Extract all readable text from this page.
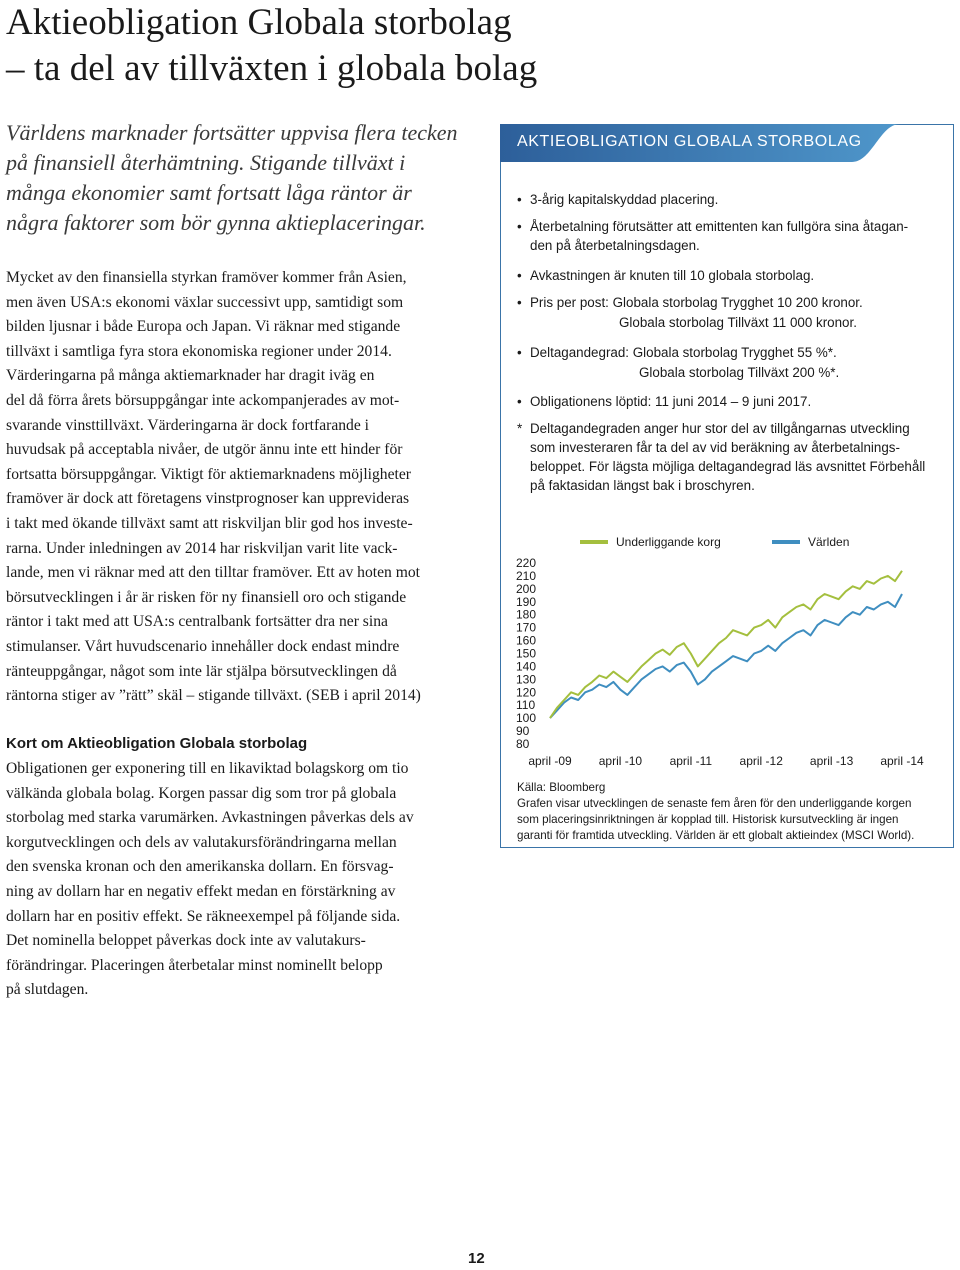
Aktieobligation Globala storbolag
– ta del av tillväxten i globala bolag
Världens marknader fortsätter uppvisa flera tecken
på finansiell återhämtning. Stigande tillväxt i
många ekonomier samt fortsatt låga räntor är
några faktorer som bör gynna aktieplaceringar.
Mycket av den finansiella styrkan framöver kommer från Asien,
men även USA:s ekonomi växlar successivt upp, samtidigt som
bilden ljusnar i både Europa och Japan. Vi räknar med stigande
tillväxt i samtliga fyra stora ekonomiska regioner under 2014.
Värderingarna på många aktiemarknader har dragit iväg en
del då förra årets börsuppgångar inte ackompanjerades av mot-
svarande vinsttillväxt. Värderingarna är dock fortfarande i
huvudsak på acceptabla nivåer, de utgör ännu inte ett hinder för
fortsatta börsuppgångar. Viktigt för aktiemarknadens möjligheter
framöver är dock att företagens vinstprognoser kan upprevideras
i takt med ökande tillväxt samt att riskviljan blir god hos investe-
rarna. Under inledningen av 2014 har riskviljan varit lite vack-
lande, men vi räknar med att den tilltar framöver. Ett av hoten mot
börsutvecklingen i år är risken för ny finansiell oro och stigande
räntor i takt med att USA:s centralbank fortsätter dra ner sina
stimulanser. Vårt huvudscenario innehåller dock endast mindre
ränteuppgångar, något som inte lär stjälpa börsutvecklingen då
räntorna stiger av ”rätt” skäl – stigande tillväxt. (SEB i april 2014)
Kort om Aktieobligation Globala storbolag
Obligationen ger exponering till en likaviktad bolagskorg om tio
välkända globala bolag. Korgen passar dig som tror på globala
storbolag med starka varumärken. Avkastningen påverkas dels av
korgutvecklingen och dels av valutakursförändringarna mellan
den svenska kronan och den amerikanska dollarn. En försvag-
ning av dollarn har en negativ effekt medan en förstärkning av
dollarn har en positiv effekt. Se räkneexempel på följande sida.
Det nominella beloppet påverkas dock inte av valutakurs-
förändringar. Placeringen återbetalar minst nominellt belopp
på slutdagen.
AKTIEOBLIGATION GLOBALA STORBOLAG
• 3-årig kapitalskyddad placering.
• Återbetalning förutsätter att emittenten kan fullgöra sina åtagan-
den på återbetalningsdagen.
• Avkastningen är knuten till 10 globala storbolag.
• Pris per post: Globala storbolag Trygghet 10 200 kronor.
Globala storbolag Tillväxt 11 000 kronor.
• Deltagandegrad: Globala storbolag Trygghet 55 %*.
Globala storbolag Tillväxt 200 %*.
• Obligationens löptid: 11 juni 2014 – 9 juni 2017.
* Deltagandegraden anger hur stor del av tillgångarnas utveckling
som investeraren får ta del av vid beräkning av återbetalnings-
beloppet. För lägsta möjliga deltagandegrad läs avsnittet Förbehåll
på faktasidan längst bak i broschyren.
Underliggande korg	Världen
220
210
200
190
180
170
160
150
140
130
120
110
100
90
80
april -09 april -10 april -11 april -12 april -13 april -14
Källa: Bloomberg
Grafen visar utvecklingen de senaste fem åren för den underliggande korgen
som placeringsinriktningen är kopplad till. Historisk kursutveckling är ingen
garanti för framtida utveckling. Världen är ett globalt aktieindex (MSCI World).
12
